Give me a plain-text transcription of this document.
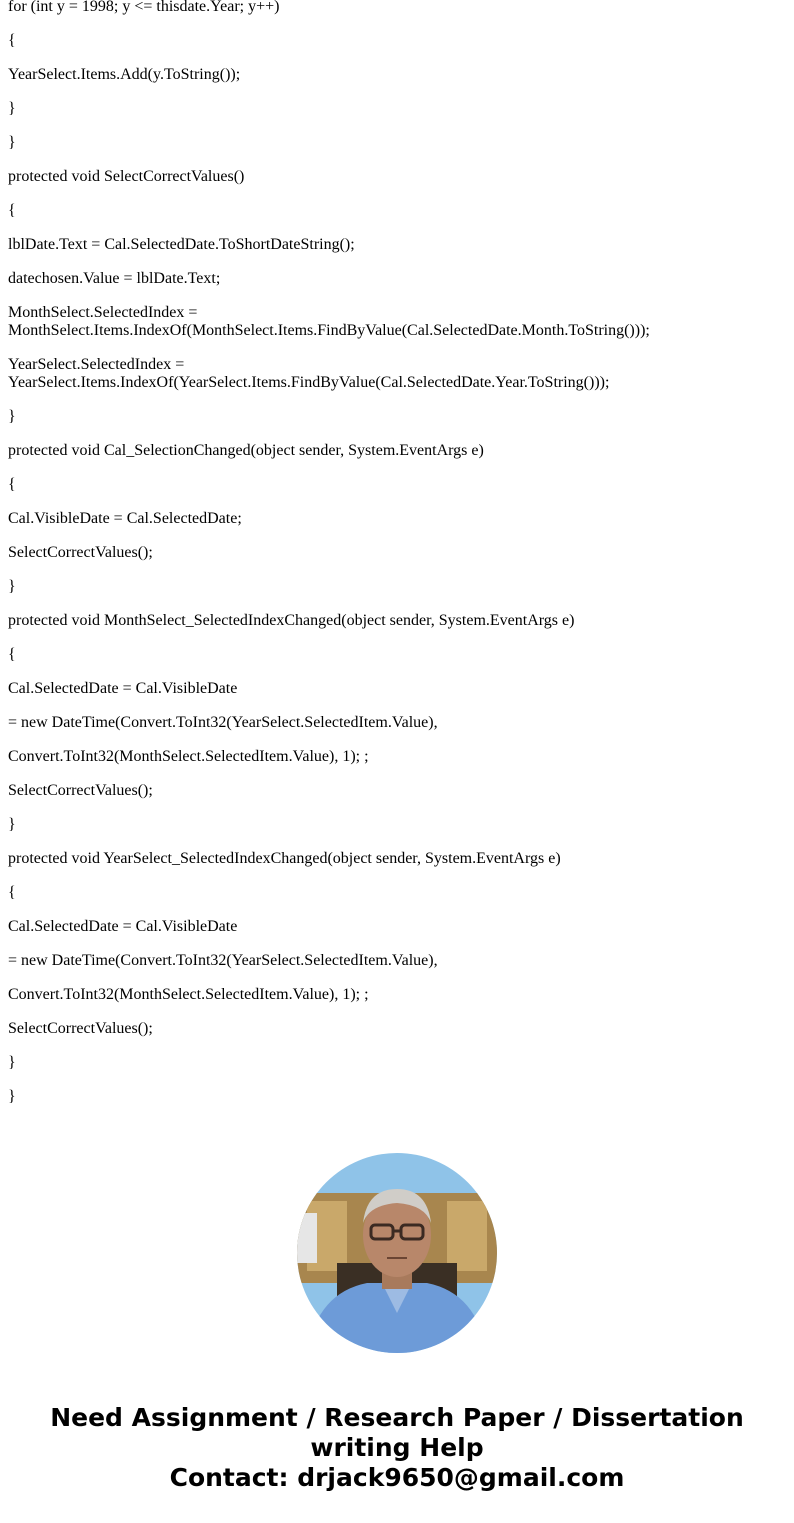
for (int y = 1998; y <= thisdate.Year; y++)

{

YearSelect.Items.Add(y.ToString());

}

}

protected void SelectCorrectValues()

{

lblDate.Text = Cal.SelectedDate.ToShortDateString();

datechosen.Value = lblDate.Text;

MonthSelect.SelectedIndex = MonthSelect.Items.IndexOf(MonthSelect.Items.FindByValue(Cal.SelectedDate.Month.ToString()));

YearSelect.SelectedIndex = YearSelect.Items.IndexOf(YearSelect.Items.FindByValue(Cal.SelectedDate.Year.ToString()));

}

protected void Cal_SelectionChanged(object sender, System.EventArgs e)

{

Cal.VisibleDate = Cal.SelectedDate;

SelectCorrectValues();

}

protected void MonthSelect_SelectedIndexChanged(object sender, System.EventArgs e)

{

Cal.SelectedDate = Cal.VisibleDate

= new DateTime(Convert.ToInt32(YearSelect.SelectedItem.Value),

Convert.ToInt32(MonthSelect.SelectedItem.Value), 1); ;

SelectCorrectValues();

}

protected void YearSelect_SelectedIndexChanged(object sender, System.EventArgs e)

{

Cal.SelectedDate = Cal.VisibleDate

= new DateTime(Convert.ToInt32(YearSelect.SelectedItem.Value),

Convert.ToInt32(MonthSelect.SelectedItem.Value), 1); ;

SelectCorrectValues();

}

}

Need Assignment / Research Paper / Dissertation
writing Help
Contact: drjack9650@gmail.com
